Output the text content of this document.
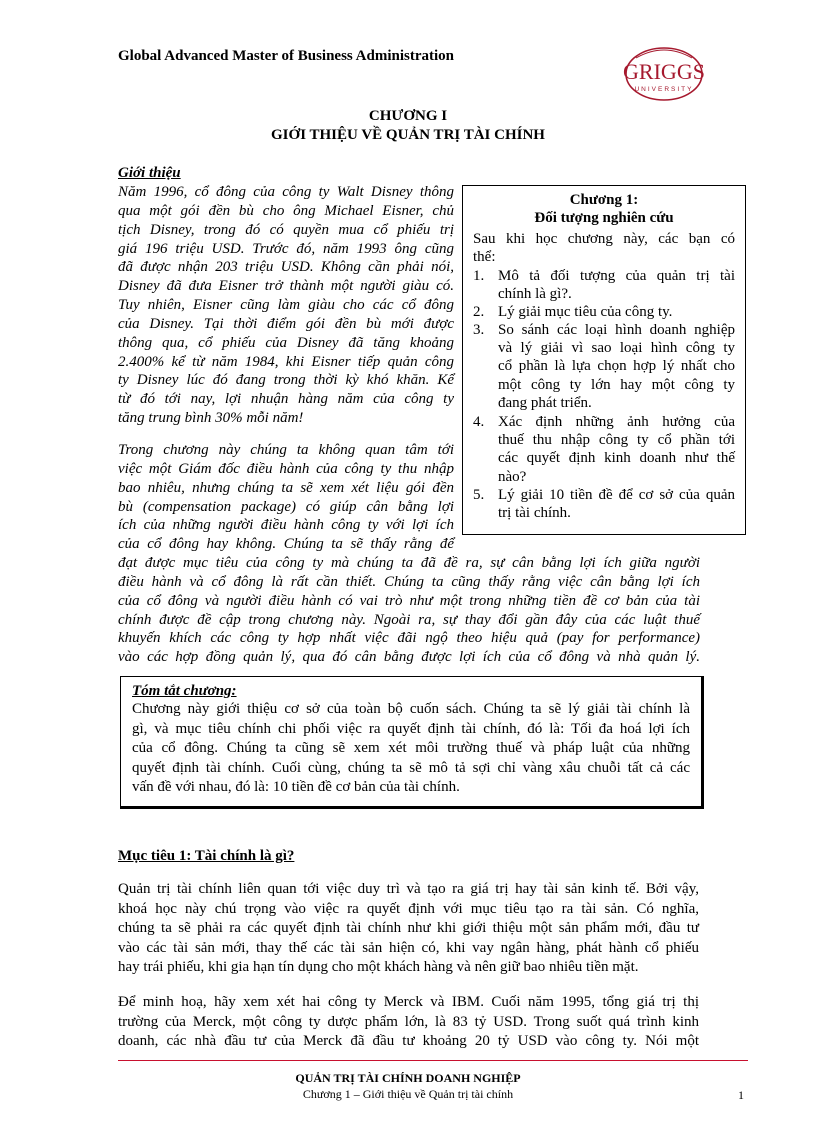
Global Advanced Master of Business Administration
GRIGGS
UNIVERSITY
CHƯƠNG I
GIỚI THIỆU VỀ QUẢN TRỊ TÀI CHÍNH
Giới thiệu
Năm 1996, cổ đông của công ty Walt Disney thông
qua một gói đền bù cho ông Michael Eisner, chủ
tịch Disney, trong đó có quyền mua cổ phiếu trị
giá 196 triệu USD. Trước đó, năm 1993 ông cũng
đã được nhận 203 triệu USD. Không cần phải nói,
Disney đã đưa Eisner trở thành một người giàu có.
Tuy nhiên, Eisner cũng làm giàu cho các cổ đông
của Disney. Tại thời điểm gói đền bù mới được
thông qua, cổ phiếu của Disney đã tăng khoảng
2.400% kể từ năm 1984, khi Eisner tiếp quản công
ty Disney lúc đó đang trong thời kỳ khó khăn. Kể
từ đó tới nay, lợi nhuận hàng năm của công ty
tăng trung bình 30% mỗi năm!
Trong chương này chúng ta không quan tâm tới
việc một Giám đốc điều hành của công ty thu nhập
bao nhiêu, nhưng chúng ta sẽ xem xét liệu gói đền
bù (compensation package) có giúp cân bằng lợi
ích của những người điều hành công ty với lợi ích
của cổ đông hay không. Chúng ta sẽ thấy rằng để
đạt được mục tiêu của công ty mà chúng ta đã đề ra, sự cân bằng lợi ích giữa người
điều hành và cổ đông là rất cần thiết. Chúng ta cũng thấy rằng việc cân bằng lợi ích
của cổ đông và người điều hành có vai trò như một trong những tiền đề cơ bản của tài
chính được đề cập trong chương này. Ngoài ra, sự thay đổi gần đây của các luật thuế
khuyến khích các công ty hợp nhất việc đãi ngộ theo hiệu quả (pay for performance)
vào các hợp đồng quản lý, qua đó cân bằng được lợi ích của cổ đông và nhà quản lý.
Chương 1:
Đối tượng nghiên cứu
Sau khi học chương này, các bạn có
thể:
1. Mô tả đối tượng của quản trị tài
chính là gì?.
2. Lý giải mục tiêu của công ty.
3. So sánh các loại hình doanh nghiệp
và lý giải vì sao loại hình công ty
cổ phần là lựa chọn hợp lý nhất cho
một công ty lớn hay một công ty
đang phát triển.
4. Xác định những ảnh hưởng của
thuế thu nhập công ty cổ phần tới
các quyết định kinh doanh như thế
nào?
5. Lý giải 10 tiền đề để cơ sở của quản
trị tài chính.
Tóm tắt chương:
Chương này giới thiệu cơ sở của toàn bộ cuốn sách. Chúng ta sẽ lý giải tài chính là
gì, và mục tiêu chính chi phối việc ra quyết định tài chính, đó là: Tối đa hoá lợi ích
của cổ đông. Chúng ta cũng sẽ xem xét môi trường thuế và pháp luật của những
quyết định tài chính. Cuối cùng, chúng ta sẽ mô tả sợi chỉ vàng xâu chuỗi tất cả các
vấn đề với nhau, đó là: 10 tiền đề cơ bản của tài chính.
Mục tiêu 1: Tài chính là gì?
Quản trị tài chính liên quan tới việc duy trì và tạo ra giá trị hay tài sản kinh tế. Bởi vậy,
khoá học này chú trọng vào việc ra quyết định với mục tiêu tạo ra tài sản. Có nghĩa,
chúng ta sẽ phải ra các quyết định tài chính như khi giới thiệu một sản phẩm mới, đầu tư
vào các tài sản mới, thay thế các tài sản hiện có, khi vay ngân hàng, phát hành cổ phiếu
hay trái phiếu, khi gia hạn tín dụng cho một khách hàng và nên giữ bao nhiêu tiền mặt.
Để minh hoạ, hãy xem xét hai công ty Merck và IBM. Cuối năm 1995, tổng giá trị thị
trường của Merck, một công ty dược phẩm lớn, là 83 tỷ USD. Trong suốt quá trình kinh
doanh, các nhà đầu tư của Merck đã đầu tư khoảng 20 tỷ USD vào công ty. Nói một
QUẢN TRỊ TÀI CHÍNH DOANH NGHIỆP
Chương 1 – Giới thiệu về Quản trị tài chính	1
